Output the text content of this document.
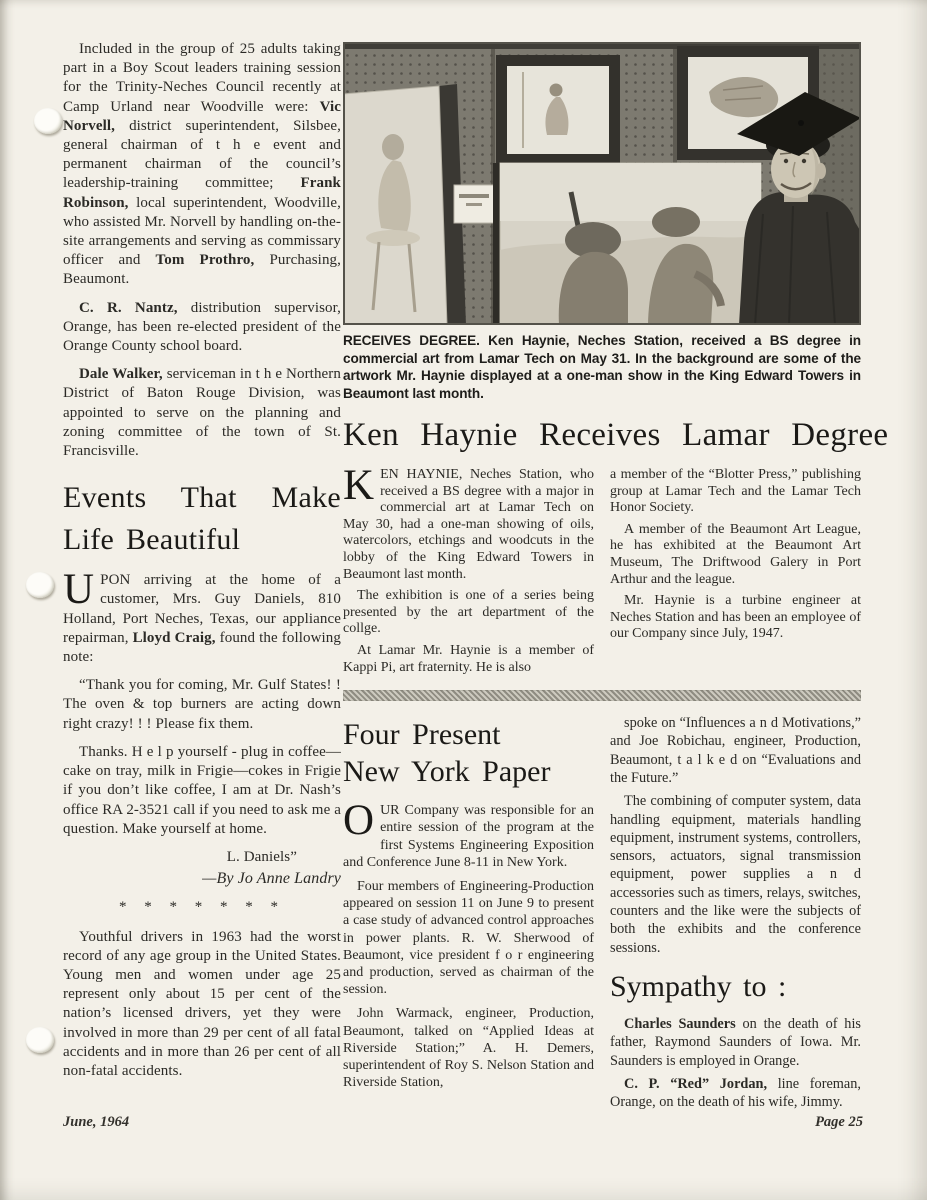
Included in the group of 25 adults taking part in a Boy Scout leaders training session for the Trinity-Neches Council recently at Camp Urland near Woodville were: Vic Norvell, district superintendent, Silsbee, general chairman of t h e event and permanent chairman of the council’s leadership-training committee; Frank Robinson, local superintendent, Woodville, who assisted Mr. Norvell by handling on-the-site arrangements and serving as commissary officer and Tom Prothro, Purchasing, Beaumont.

C. R. Nantz, distribution supervisor, Orange, has been re-elected president of the Orange County school board.

Dale Walker, serviceman in t h e Northern District of Baton Rouge Division, was appointed to serve on the planning and zoning committee of the town of St. Francisville.

Events That Make Life Beautiful

UPON arriving at the home of a customer, Mrs. Guy Daniels, 810 Holland, Port Neches, Texas, our appliance repairman, Lloyd Craig, found the following note:

“Thank you for coming, Mr. Gulf States! ! The oven & top burners are acting down right crazy! ! ! Please fix them.

Thanks. H e l p yourself - plug in coffee—cake on tray, milk in Frigie—cokes in Frigie if you don’t like coffee, I am at Dr. Nash’s office RA 2-3521 call if you need to ask me a question. Make yourself at home.

L. Daniels”

—By Jo Anne Landry

* * * * * * *

Youthful drivers in 1963 had the worst record of any age group in the United States. Young men and women under age 25 represent only about 15 per cent of the nation’s licensed drivers, yet they were involved in more than 29 per cent of all fatal accidents and in more than 26 per cent of all non-fatal accidents.

RECEIVES DEGREE. Ken Haynie, Neches Station, received a BS degree in commercial art from Lamar Tech on May 31. In the background are some of the artwork Mr. Haynie displayed at a one-man show in the King Edward Towers in Beaumont last month.

Ken Haynie Receives Lamar Degree

KEN HAYNIE, Neches Station, who received a BS degree with a major in commercial art at Lamar Tech on May 30, had a one-man showing of oils, watercolors, etchings and woodcuts in the lobby of the King Edward Towers in Beaumont last month.

The exhibition is one of a series being presented by the art department of the collge.

At Lamar Mr. Haynie is a member of Kappi Pi, art fraternity. He is also

a member of the “Blotter Press,” publishing group at Lamar Tech and the Lamar Tech Honor Society.

A member of the Beaumont Art League, he has exhibited at the Beaumont Art Museum, The Driftwood Galery in Port Arthur and the league.

Mr. Haynie is a turbine engineer at Neches Station and has been an employee of our Company since July, 1947.

Four Present
New York Paper

OUR Company was responsible for an entire session of the program at the first Systems Engineering Exposition and Conference June 8-11 in New York.

Four members of Engineering-Production appeared on session 11 on June 9 to present a case study of advanced control approaches in power plants. R. W. Sherwood of Beaumont, vice president f o r engineering and production, served as chairman of the session.

John Warmack, engineer, Production, Beaumont, talked on “Applied Ideas at Riverside Station;” A. H. Demers, superintendent of Roy S. Nelson Station and Riverside Station,

spoke on “Influences a n d Motivations,” and Joe Robichau, engineer, Production, Beaumont, t a l k e d on “Evaluations and the Future.”

The combining of computer system, data handling equipment, materials handling equipment, instrument systems, controllers, sensors, actuators, signal transmission equipment, power supplies a n d accessories such as timers, relays, switches, counters and the like were the subjects of both the exhibits and the conference sessions.

Sympathy to :

Charles Saunders on the death of his father, Raymond Saunders of Iowa. Mr. Saunders is employed in Orange.

C. P. “Red” Jordan, line foreman, Orange, on the death of his wife, Jimmy.

June, 1964	Page 25
